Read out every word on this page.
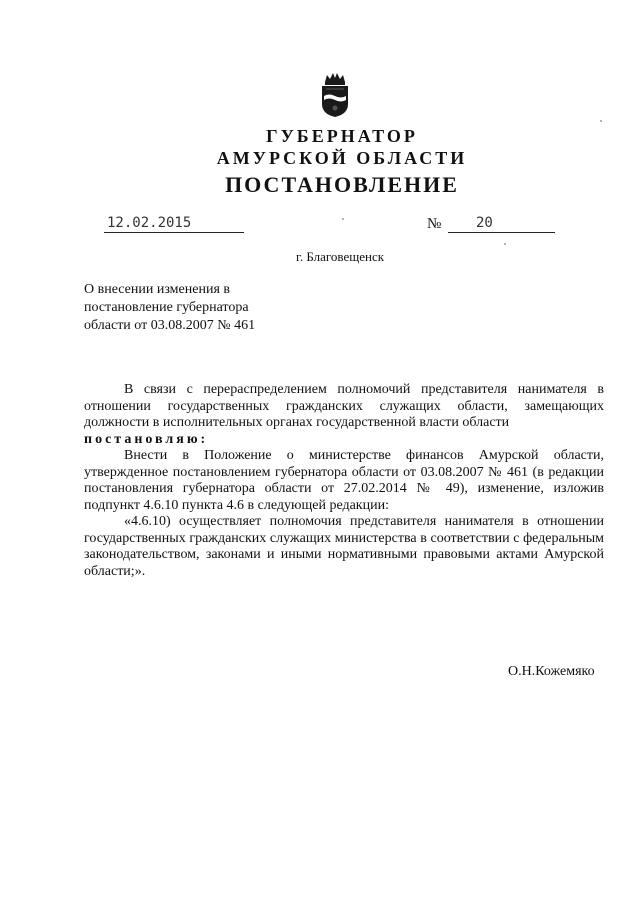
ГУБЕРНАТОР
АМУРСКОЙ ОБЛАСТИ
ПОСТАНОВЛЕНИЕ
12.02.2015	№ 20
г. Благовещенск
О внесении изменения в
постановление губернатора
области от 03.08.2007 № 461
В связи с перераспределением полномочий представителя нанимателя в отношении государственных гражданских служащих области, замещающих должности в исполнительных органах государственной власти области
постановляю:
Внести в Положение о министерстве финансов Амурской области, утвержденное постановлением губернатора области от 03.08.2007 № 461 (в редакции постановления губернатора области от 27.02.2014 № 49), изменение, изложив подпункт 4.6.10 пункта 4.6 в следующей редакции:
«4.6.10) осуществляет полномочия представителя нанимателя в отношении государственных гражданских служащих министерства в соответствии с федеральным законодательством, законами и иными нормативными правовыми актами Амурской области;».
О.Н.Кожемяко
